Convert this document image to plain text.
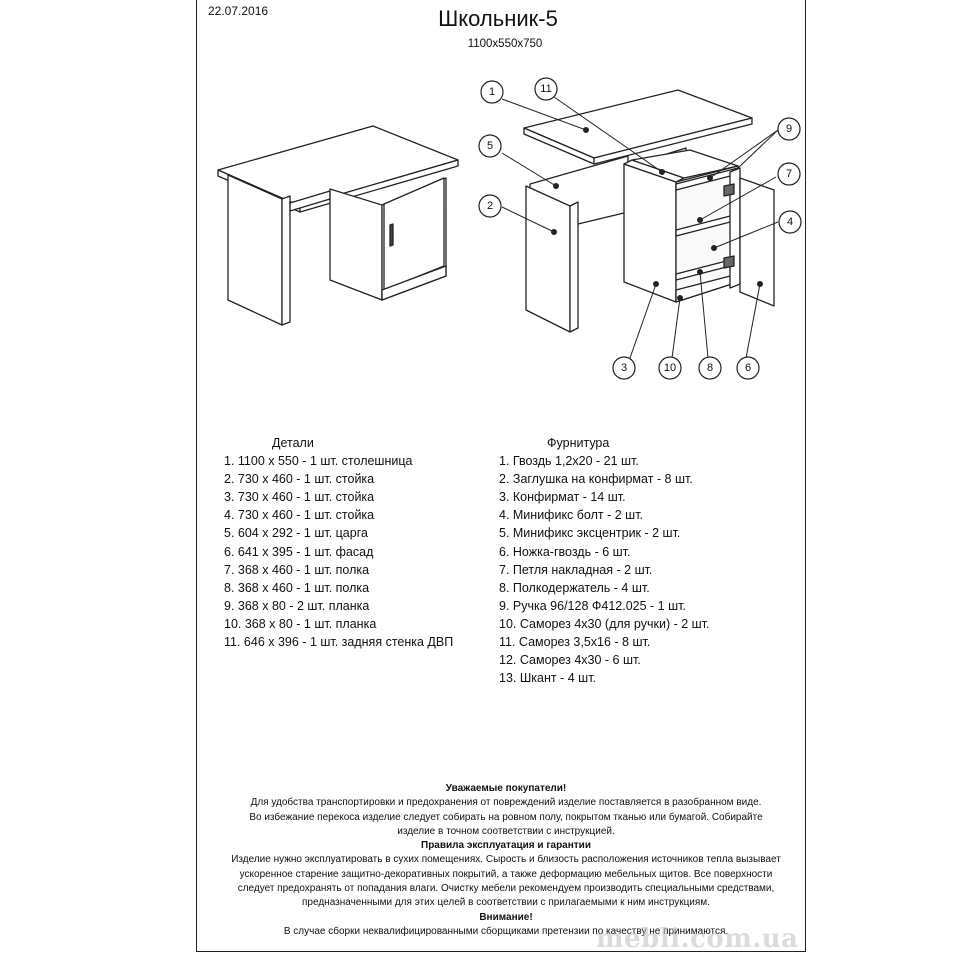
22.07.2016	Школьник-5
1100x550x750
1	11
5
2
9
7
4
3	10	8	6
Детали
1. 1100 x 550 - 1 шт. столешница
2. 730 x 460 - 1 шт. стойка
3. 730 x 460 - 1 шт. стойка
4. 730 x 460 - 1 шт. стойка
5. 604 x 292 - 1 шт. царга
6. 641 x 395 - 1 шт. фасад
7. 368 x 460 - 1 шт. полка
8. 368 x 460 - 1 шт. полка
9. 368 x 80 - 2 шт. планка
10. 368 x 80 - 1 шт. планка
11. 646 x 396 - 1 шт. задняя стенка ДВП
Фурнитура
1. Гвоздь 1,2х20 - 21 шт.
2. Заглушка на конфирмат - 8 шт.
3. Конфирмат - 14 шт.
4. Минификс болт - 2 шт.
5. Минификс эксцентрик - 2 шт.
6. Ножка-гвоздь - 6 шт.
7. Петля накладная - 2 шт.
8. Полкодержатель - 4 шт.
9. Ручка 96/128 Ф412.025 - 1 шт.
10. Саморез 4х30 (для ручки) - 2 шт.
11. Саморез 3,5х16 - 8 шт.
12. Саморез 4х30 - 6 шт.
13. Шкант - 4 шт.
Уважаемые покупатели!
Для удобства транспортировки и предохранения от повреждений изделие поставляется в разобранном виде.
Во избежание перекоса изделие следует собирать на ровном полу, покрытом тканью или бумагой. Собирайте
изделие в точном соответствии с инструкцией.
Правила эксплуатация и гарантии
Изделие нужно эксплуатировать в сухих помещениях. Сырость и близость расположения источников тепла вызывает
ускоренное старение защитно-декоративных покрытий, а также деформацию мебельных щитов. Все поверхности
следует предохранять от попадания влаги. Очистку мебели рекомендуем производить специальными средствами,
предназначенными для этих целей в соответствии с прилагаемыми к ним инструкциям.
Внимание!
В случае сборки неквалифицированными сборщиками претензии по качеству не принимаются.
mebli.com.ua
